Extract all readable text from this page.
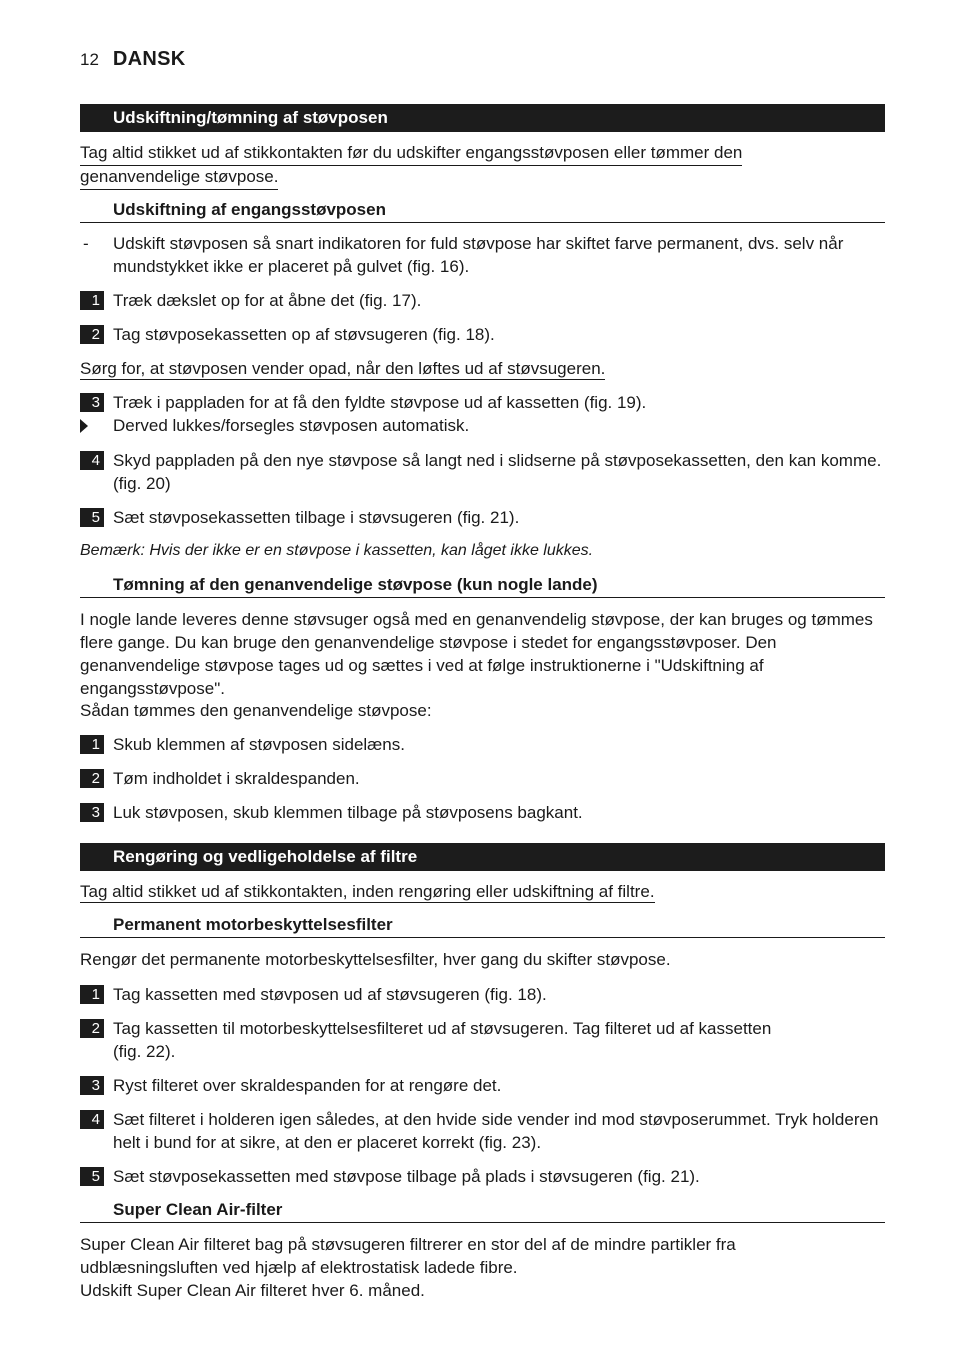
12 DANSK
Udskiftning/tømning af støvposen
Tag altid stikket ud af stikkontakten før du udskifter engangsstøvposen eller tømmer den
genanvendelige støvpose.
Udskiftning af engangsstøvposen
- Udskift støvposen så snart indikatoren for fuld støvpose har skiftet farve permanent, dvs. selv når mundstykket ikke er placeret på gulvet (fig. 16).
1 Træk dækslet op for at åbne det (fig. 17).
2 Tag støvposekassetten op af støvsugeren (fig. 18).
Sørg for, at støvposen vender opad, når den løftes ud af støvsugeren.
3 Træk i pappladen for at få den fyldte støvpose ud af kassetten (fig. 19).
Derved lukkes/forsegles støvposen automatisk.
4 Skyd pappladen på den nye støvpose så langt ned i slidserne på støvposekassetten, den kan komme. (fig. 20)
5 Sæt støvposekassetten tilbage i støvsugeren (fig. 21).
Bemærk: Hvis der ikke er en støvpose i kassetten, kan låget ikke lukkes.
Tømning af den genanvendelige støvpose (kun nogle lande)
I nogle lande leveres denne støvsuger også med en genanvendelig støvpose, der kan bruges og tømmes flere gange. Du kan bruge den genanvendelige støvpose i stedet for engangsstøvposer. Den genanvendelige støvpose tages ud og sættes i ved at følge instruktionerne i "Udskiftning af engangsstøvpose".
Sådan tømmes den genanvendelige støvpose:
1 Skub klemmen af støvposen sidelæns.
2 Tøm indholdet i skraldespanden.
3 Luk støvposen, skub klemmen tilbage på støvposens bagkant.
Rengøring og vedligeholdelse af filtre
Tag altid stikket ud af stikkontakten, inden rengøring eller udskiftning af filtre.
Permanent motorbeskyttelsesfilter
Rengør det permanente motorbeskyttelsesfilter, hver gang du skifter støvpose.
1 Tag kassetten med støvposen ud af støvsugeren (fig. 18).
2 Tag kassetten til motorbeskyttelsesfilteret ud af støvsugeren. Tag filteret ud af kassetten (fig. 22).
3 Ryst filteret over skraldespanden for at rengøre det.
4 Sæt filteret i holderen igen således, at den hvide side vender ind mod støvposerummet. Tryk holderen helt i bund for at sikre, at den er placeret korrekt (fig. 23).
5 Sæt støvposekassetten med støvpose tilbage på plads i støvsugeren (fig. 21).
Super Clean Air-filter
Super Clean Air filteret bag på støvsugeren filtrerer en stor del af de mindre partikler fra udblæsningsluften ved hjælp af elektrostatisk ladede fibre.
Udskift Super Clean Air filteret hver 6. måned.
